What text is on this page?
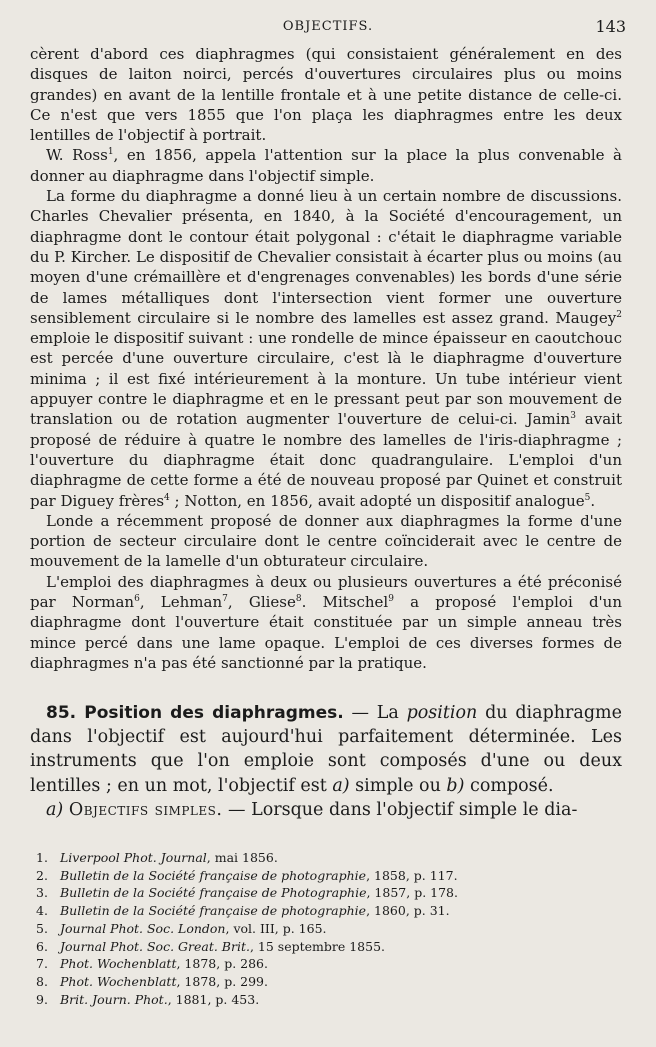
OBJECTIFS.	143

cèrent d'abord ces diaphragmes (qui consistaient généralement en des disques de laiton noirci, percés d'ouvertures circulaires plus ou moins grandes) en avant de la lentille frontale et à une petite distance de celle-ci. Ce n'est que vers 1855 que l'on plaça les diaphragmes entre les deux lentilles de l'objectif à portrait.

W. Ross$^1$, en 1856, appela l'attention sur la place la plus convenable à donner au diaphragme dans l'objectif simple.

La forme du diaphragme a donné lieu à un certain nombre de discussions. Charles Chevalier présenta, en 1840, à la Société d'encouragement, un diaphragme dont le contour était polygonal : c'était le diaphragme variable du P. Kircher. Le dispositif de Chevalier consistait à écarter plus ou moins (au moyen d'une crémaillère et d'engrenages convenables) les bords d'une série de lames métalliques dont l'intersection vient former une ouverture sensiblement circulaire si le nombre des lamelles est assez grand. Maugey$^2$ emploie le dispositif suivant : une rondelle de mince épaisseur en caoutchouc est percée d'une ouverture circulaire, c'est là le diaphragme d'ouverture minima ; il est fixé intérieurement à la monture. Un tube intérieur vient appuyer contre le diaphragme et en le pressant peut par son mouvement de translation ou de rotation augmenter l'ouverture de celui-ci. Jamin$^3$ avait proposé de réduire à quatre le nombre des lamelles de l'iris-diaphragme ; l'ouverture du diaphragme était donc quadrangulaire. L'emploi d'un diaphragme de cette forme a été de nouveau proposé par Quinet et construit par Diguey frères$^4$ ; Notton, en 1856, avait adopté un dispositif analogue$^5$.

Londe a récemment proposé de donner aux diaphragmes la forme d'une portion de secteur circulaire dont le centre coïnciderait avec le centre de mouvement de la lamelle d'un obturateur circulaire.

L'emploi des diaphragmes à deux ou plusieurs ouvertures a été préconisé par Norman$^6$, Lehman$^7$, Gliese$^8$. Mitschel$^9$ a proposé l'emploi d'un diaphragme dont l'ouverture était constituée par un simple anneau très mince percé dans une lame opaque. L'emploi de ces diverses formes de diaphragmes n'a pas été sanctionné par la pratique.

85. Position des diaphragmes. — La position du diaphragme dans l'objectif est aujourd'hui parfaitement déterminée. Les instruments que l'on emploie sont composés d'une ou deux lentilles ; en un mot, l'objectif est a) simple ou b) composé.

a) Objectifs simples. — Lorsque dans l'objectif simple le dia-

1. Liverpool Phot. Journal, mai 1856.
2. Bulletin de la Société française de photographie, 1858, p. 117.
3. Bulletin de la Société française de Photographie, 1857, p. 178.
4. Bulletin de la Société française de photographie, 1860, p. 31.
5. Journal Phot. Soc. London, vol. III, p. 165.
6. Journal Phot. Soc. Great. Brit., 15 septembre 1855.
7. Phot. Wochenblatt, 1878, p. 286.
8. Phot. Wochenblatt, 1878, p. 299.
9. Brit. Journ. Phot., 1881, p. 453.
